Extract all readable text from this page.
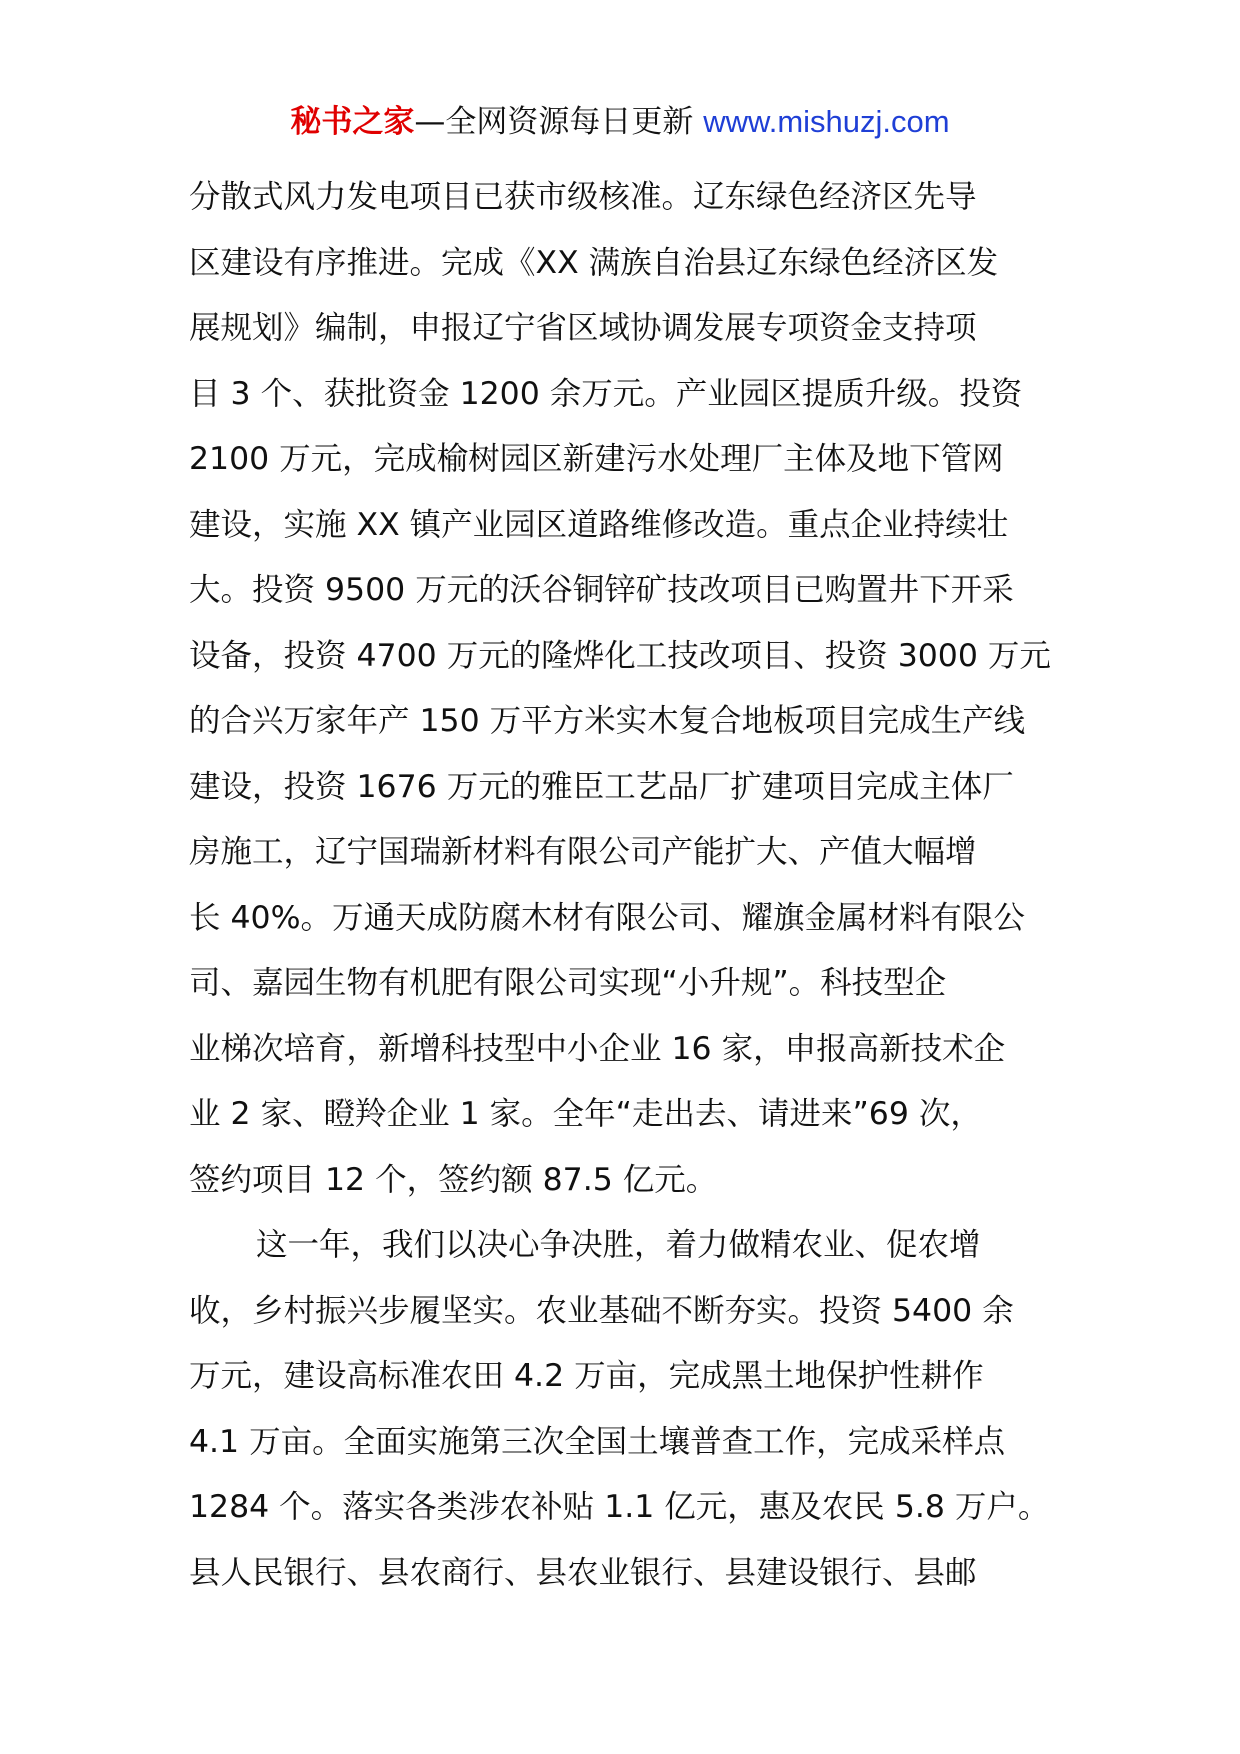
秘书之家—全网资源每日更新 www.mishuzj.com
分散式风力发电项目已获市级核准。辽东绿色经济区先导
区建设有序推进。完成《XX 满族自治县辽东绿色经济区发
展规划》编制，申报辽宁省区域协调发展专项资金支持项
目 3 个、获批资金 1200 余万元。产业园区提质升级。投资
2100 万元，完成榆树园区新建污水处理厂主体及地下管网
建设，实施 XX 镇产业园区道路维修改造。重点企业持续壮
大。投资 9500 万元的沃谷铜锌矿技改项目已购置井下开采
设备，投资 4700 万元的隆烨化工技改项目、投资 3000 万元
的合兴万家年产 150 万平方米实木复合地板项目完成生产线
建设，投资 1676 万元的雅臣工艺品厂扩建项目完成主体厂
房施工，辽宁国瑞新材料有限公司产能扩大、产值大幅增
长 40%。万通天成防腐木材有限公司、耀旗金属材料有限公
司、嘉园生物有机肥有限公司实现“小升规”。科技型企
业梯次培育，新增科技型中小企业 16 家，申报高新技术企
业 2 家、瞪羚企业 1 家。全年“走出去、请进来”69 次，
签约项目 12 个，签约额 87.5 亿元。
这一年，我们以决心争决胜，着力做精农业、促农增
收，乡村振兴步履坚实。农业基础不断夯实。投资 5400 余
万元，建设高标准农田 4.2 万亩，完成黑土地保护性耕作
4.1 万亩。全面实施第三次全国土壤普查工作，完成采样点
1284 个。落实各类涉农补贴 1.1 亿元，惠及农民 5.8 万户。
县人民银行、县农商行、县农业银行、县建设银行、县邮
